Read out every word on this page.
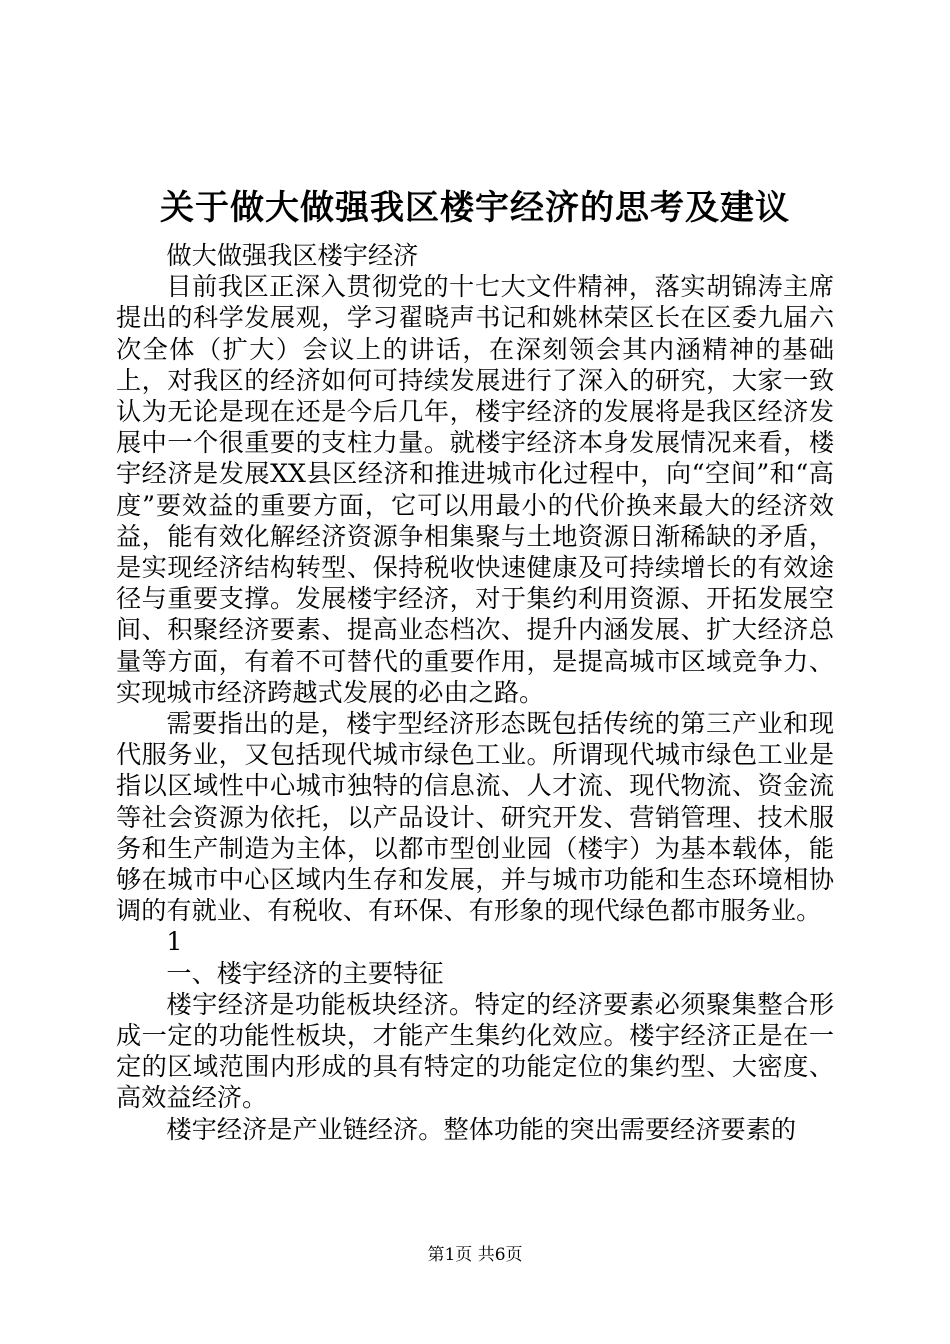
关于做大做强我区楼宇经济的思考及建议

做大做强我区楼宇经济

目前我区正深入贯彻党的十七大文件精神，落实胡锦涛主席提出的科学发展观，学习翟晓声书记和姚林荣区长在区委九届六次全体（扩大）会议上的讲话，在深刻领会其内涵精神的基础上，对我区的经济如何可持续发展进行了深入的研究，大家一致认为无论是现在还是今后几年，楼宇经济的发展将是我区经济发展中一个很重要的支柱力量。就楼宇经济本身发展情况来看，楼宇经济是发展XX县区经济和推进城市化过程中，向“空间”和“高度”要效益的重要方面，它可以用最小的代价换来最大的经济效益，能有效化解经济资源争相集聚与土地资源日渐稀缺的矛盾，是实现经济结构转型、保持税收快速健康及可持续增长的有效途径与重要支撑。发展楼宇经济，对于集约利用资源、开拓发展空间、积聚经济要素、提高业态档次、提升内涵发展、扩大经济总量等方面，有着不可替代的重要作用，是提高城市区域竞争力、实现城市经济跨越式发展的必由之路。

需要指出的是，楼宇型经济形态既包括传统的第三产业和现代服务业，又包括现代城市绿色工业。所谓现代城市绿色工业是指以区域性中心城市独特的信息流、人才流、现代物流、资金流等社会资源为依托，以产品设计、研究开发、营销管理、技术服务和生产制造为主体，以都市型创业园（楼宇）为基本载体，能够在城市中心区域内生存和发展，并与城市功能和生态环境相协调的有就业、有税收、有环保、有形象的现代绿色都市服务业。

1

一、楼宇经济的主要特征

楼宇经济是功能板块经济。特定的经济要素必须聚集整合形成一定的功能性板块，才能产生集约化效应。楼宇经济正是在一定的区域范围内形成的具有特定的功能定位的集约型、大密度、高效益经济。

楼宇经济是产业链经济。整体功能的突出需要经济要素的

第1页 共6页
